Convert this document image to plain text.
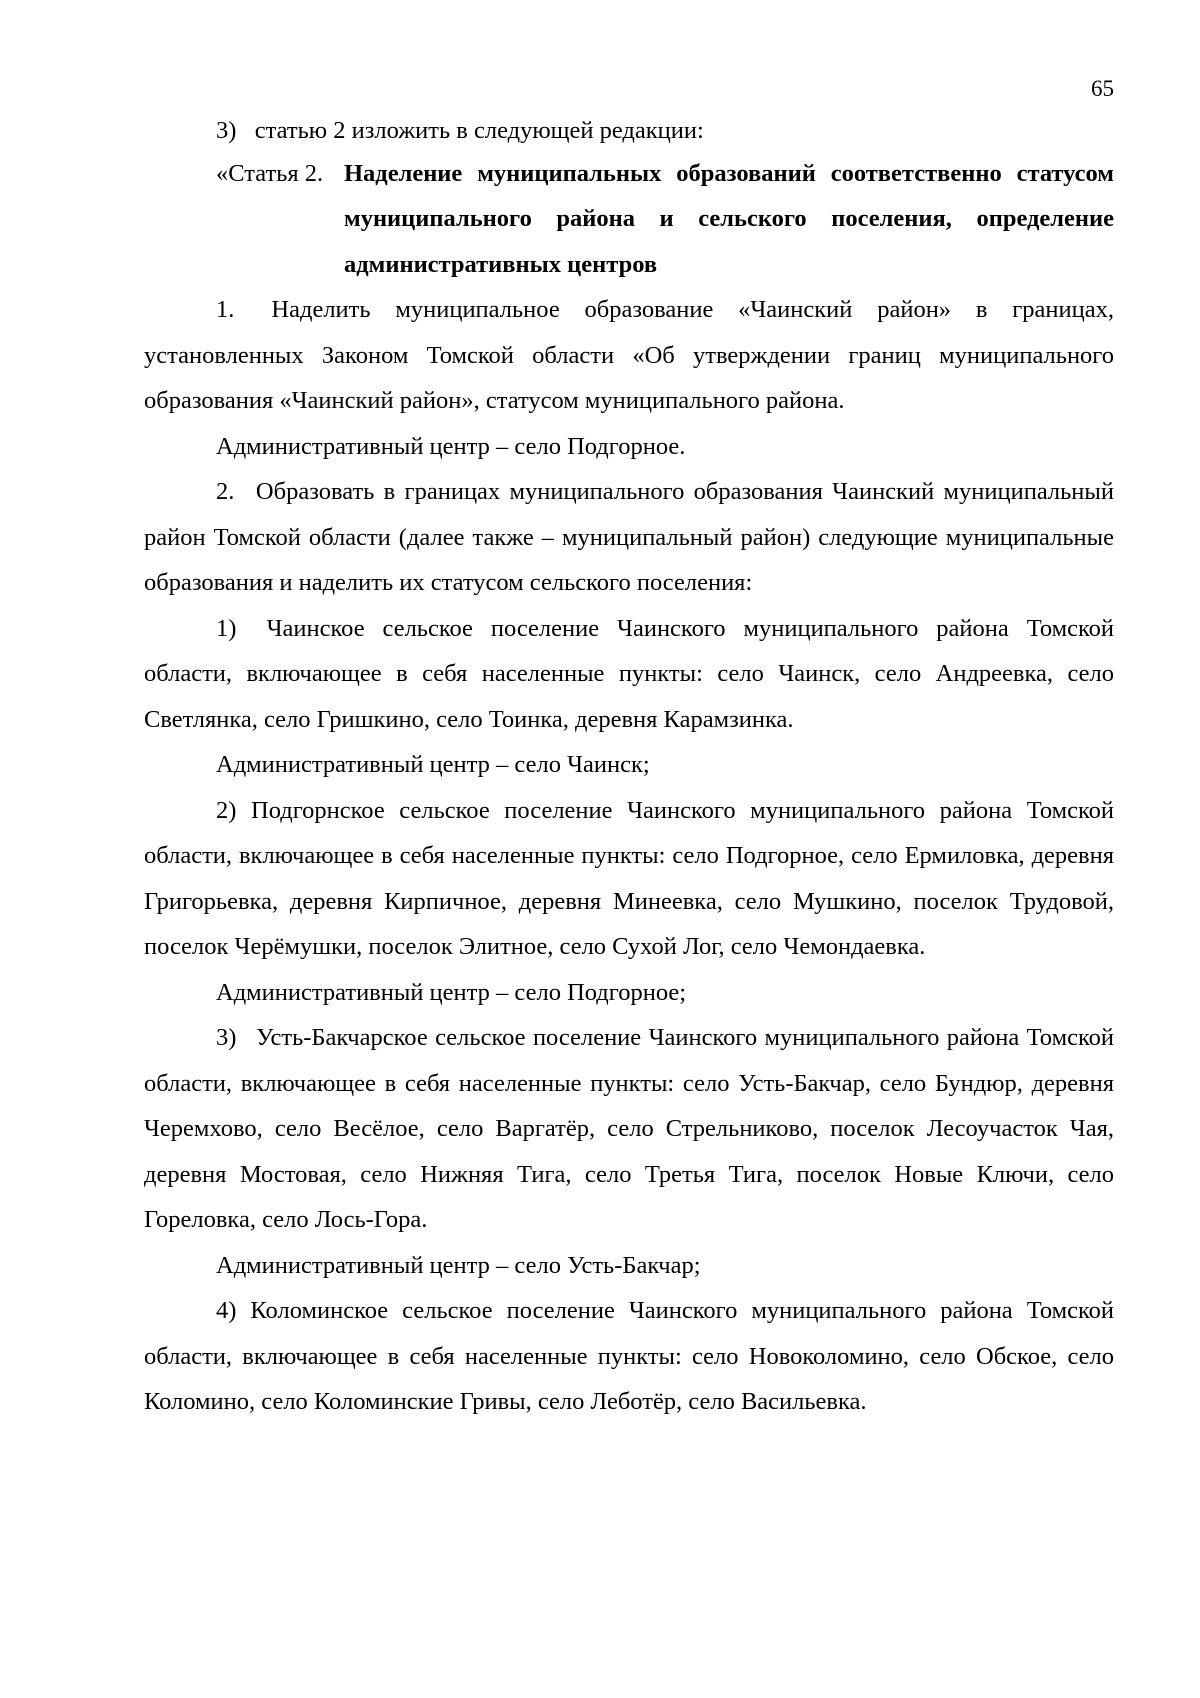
65

3)  статью 2 изложить в следующей редакции:

«Статья 2. Наделение муниципальных образований соответственно статусом муниципального района и сельского поселения, определение административных центров

1.  Наделить муниципальное образование «Чаинский район» в границах, установленных Законом Томской области «Об утверждении границ муниципального образования «Чаинский район», статусом муниципального района.

Административный центр – село Подгорное.

2.  Образовать в границах муниципального образования Чаинский муниципальный район Томской области (далее также – муниципальный район) следующие муниципальные образования и наделить их статусом сельского поселения:

1)  Чаинское сельское поселение Чаинского муниципального района Томской области, включающее в себя населенные пункты: село Чаинск, село Андреевка, село Светлянка, село Гришкино, село Тоинка, деревня Карамзинка.

Административный центр – село Чаинск;

2) Подгорнское сельское поселение Чаинского муниципального района Томской области, включающее в себя населенные пункты: село Подгорное, село Ермиловка, деревня Григорьевка, деревня Кирпичное, деревня Минеевка, село Мушкино, поселок Трудовой, поселок Черёмушки, поселок Элитное, село Сухой Лог, село Чемондаевка.

Административный центр – село Подгорное;

3)  Усть-Бакчарское сельское поселение Чаинского муниципального района Томской области, включающее в себя населенные пункты: село Усть-Бакчар, село Бундюр, деревня Черемхово, село Весёлое, село Варгатёр, село Стрельниково, поселок Лесоучасток Чая, деревня Мостовая, село Нижняя Тига, село Третья Тига, поселок Новые Ключи, село Гореловка, село Лось-Гора.

Административный центр – село Усть-Бакчар;

4) Коломинское сельское поселение Чаинского муниципального района Томской области, включающее в себя населенные пункты: село Новоколомино, село Обское, село Коломино, село Коломинские Гривы, село Леботёр, село Васильевка.
